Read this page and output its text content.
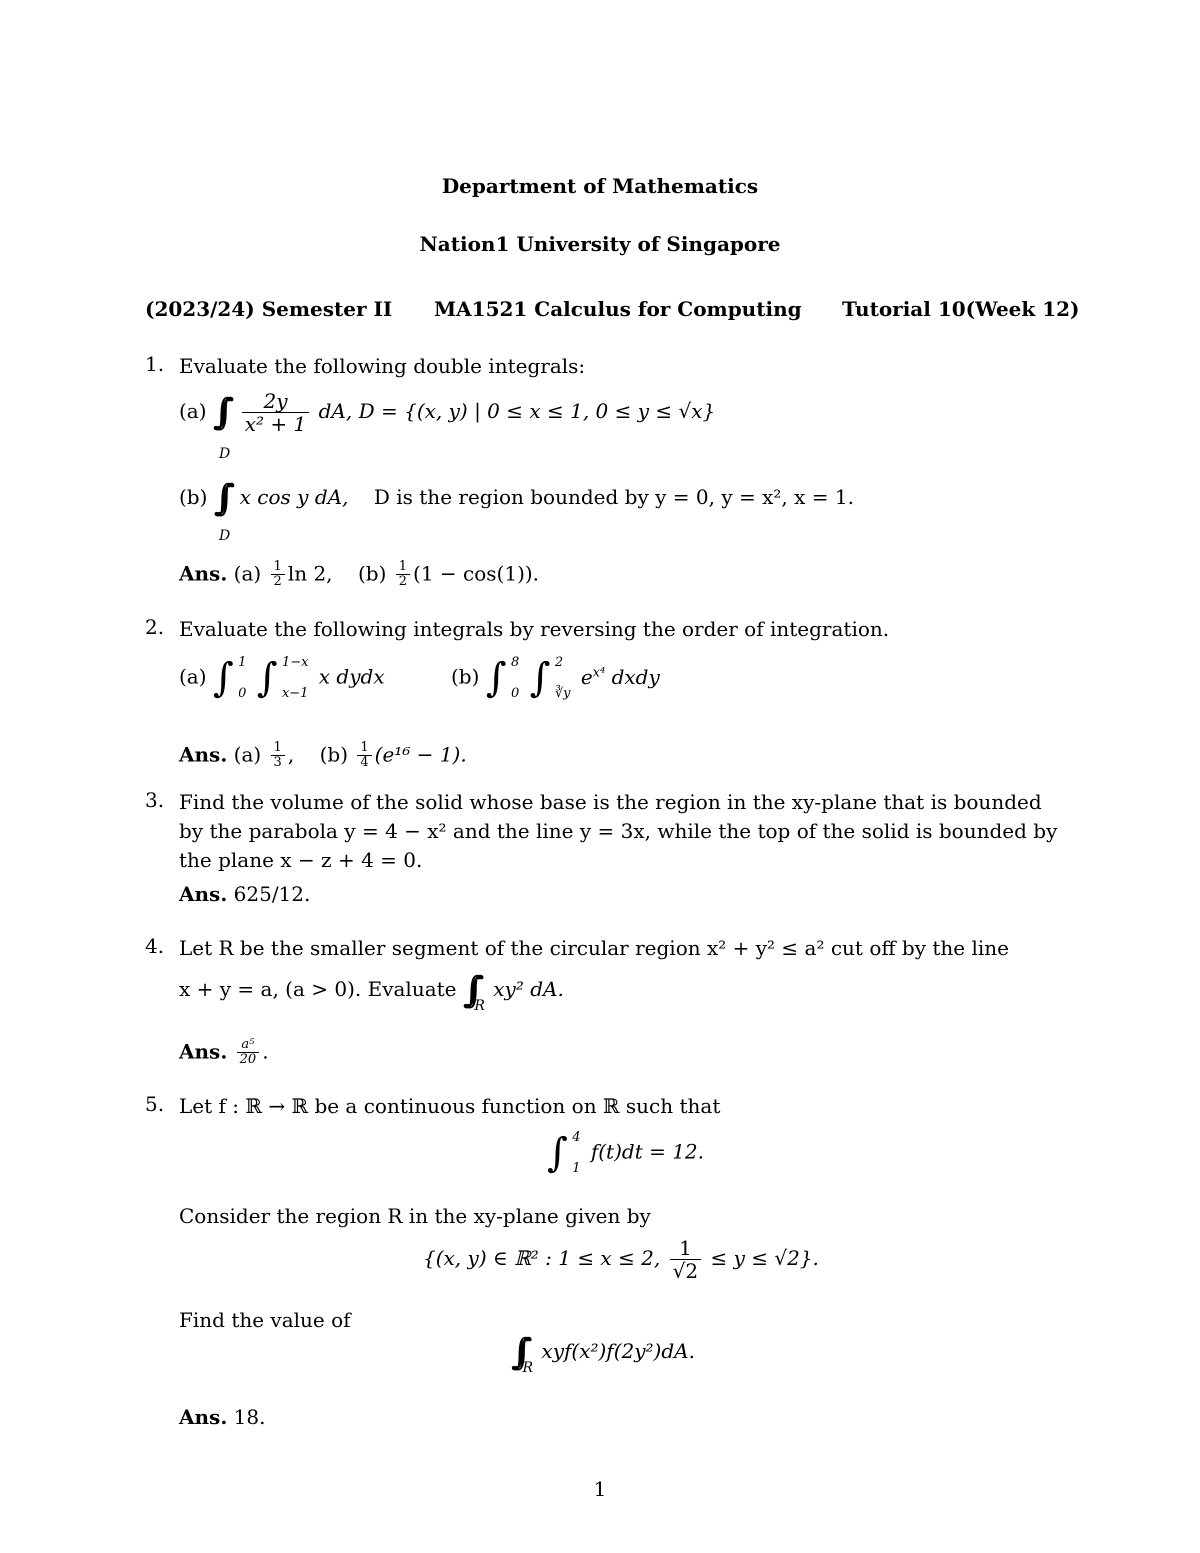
Department of Mathematics
Nation1 University of Singapore
(2023/24) Semester II MA1521 Calculus for Computing Tutorial 10(Week 12)
1. Evaluate the following double integrals:
(a) ∫∫ $\frac{2y}{\text{x² + 1}}$ dA, D = {(x, y) | 0 ≤ x ≤ 1, 0 ≤ y ≤ √x}
D
(b) ∫∫ x cos y dA, D is the region bounded by y = 0, y = x², x = 1.
D
Ans. $(a) \frac{1}{2}$ ln 2, $(b) \frac{1}{2} (1 - \cos(1))$.
2. Evaluate the following integrals by reversing the order of integration.
(a) ∫ 1
0 ∫ 1−x
x−1
x dydx	(b) ∫ 8
0 ∫ 2
∛y
$e^{x^4}$ dxdy
Ans. $(a) \frac{1}{3}$ ,    $(b) \frac{1}{4} (e^{16} - 1)$.
3. Find the volume of the solid whose base is the region in the xy-plane that is bounded by the parabola y = 4 − x² and the line y = 3x, while the top of the solid is bounded by the plane x − z + 4 = 0.
Ans. 625/12.
4. Let R be the smaller segment of the circular region x² + y² ≤ a² cut off by the line
x + y = a, (a > 0). Evaluate ∫∫ $_R$ xy² dA.
Ans. $\frac{\text{a⁵}}{20}$ .
5. Let f : ℝ → ℝ be a continuous function on ℝ such that
∫ 4
1
f(t)dt = 12.
Consider the region R in the xy-plane given by
{(x, y) ∈ ℝ² : 1 ≤ x ≤ 2, $\frac{1}{√2} \le y \le √2$}.
Find the value of
∫∫ $_R$ xyf(x²)f(2y²)dA.
Ans. 18.
1
